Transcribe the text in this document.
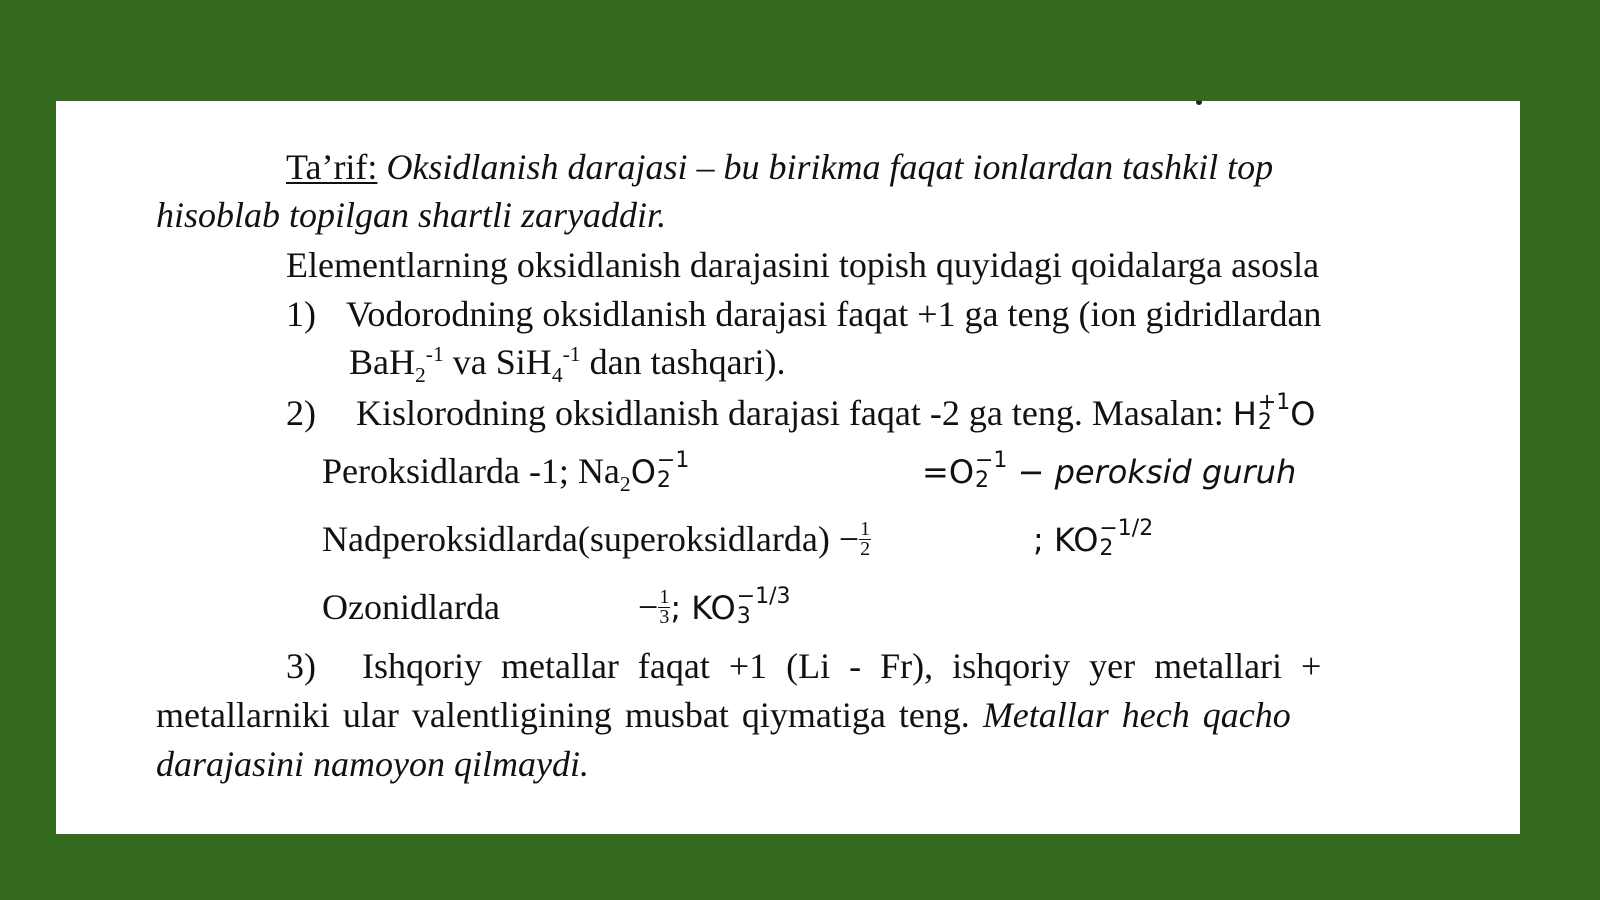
Ta’rif: Oksidlanish darajasi – bu birikma faqat ionlardan tashkil top
hisoblab topilgan shartli zaryaddir.
Elementlarning oksidlanish darajasini topish quyidagi qoidalarga asosla
1) Vodorodning oksidlanish darajasi faqat +1 ga teng (ion gidridlardan
BaH$_2^{-1}$ va SiH$_4^{-1}$ dan tashqari).
2) Kislorodning oksidlanish darajasi faqat -2 ga teng. Masalan: H +1
2 O
Peroksidlarda -1; $Na_2O -1$
2	=O −1
2 − peroksid guruh
Nadperoksidlarda(superoksidlarda) − $\frac{1}{2}$	; KO −1/2
2
Ozonidlarda	− $\frac{1}{3}$ ; KO −1/3
3
3) Ishqoriy metallar faqat +1 (Li - Fr), ishqoriy yer metallari +
metallarniki ular valentligining musbat qiymatiga teng. Metallar hech qacho
darajasini namoyon qilmaydi.
